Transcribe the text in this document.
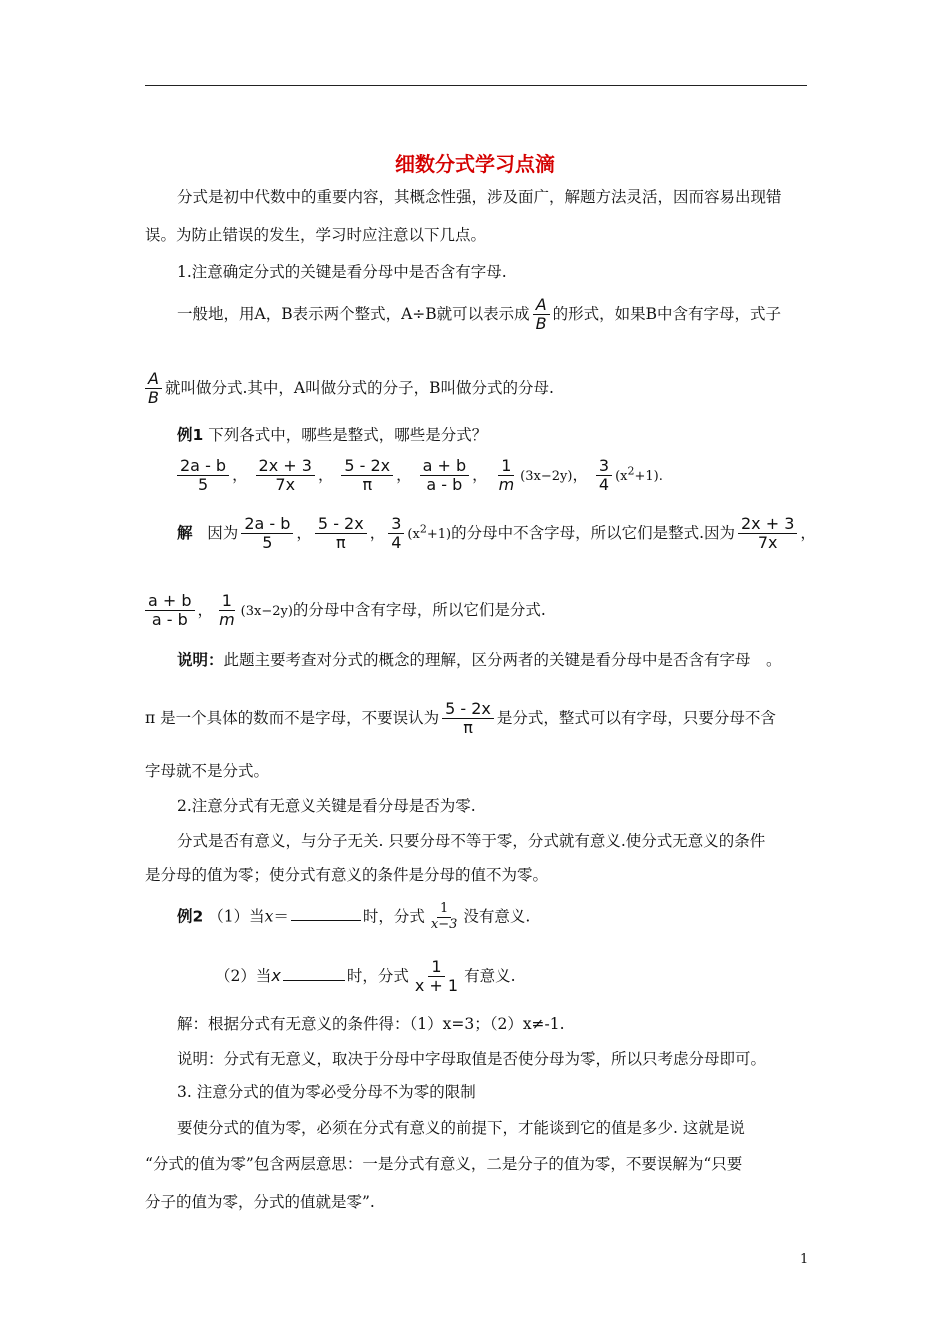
细数分式学习点滴
分式是初中代数中的重要内容，其概念性强，涉及面广，解题方法灵活，因而容易出现错
误。为防止错误的发生，学习时应注意以下几点。
1.注意确定分式的关键是看分母中是否含有字母.
一般地，用A，B表示两个整式，A÷B就可以表示成 $\frac{A}{B}$ 的形式，如果B中含有字母，式子
$\frac{A}{B}$ 就叫做分式.其中，A叫做分式的分子，B叫做分式的分母.
例1 下列各式中，哪些是整式，哪些是分式？
$\frac{2a - b}{5}$ ， $\frac{2x + 3}{7x}$ ， $\frac{5 - 2x}{\pi}$ ， $\frac{a + b}{a - b}$ ， $\frac{1}{m} (3x-2y)$， $\frac{3}{4} (x^2+1)$.
解 因为 $\frac{2a - b}{5}$ ， $\frac{5 - 2x}{\pi}$ ， $\frac{3}{4} (x^2+1)$的分母中不含字母，所以它们是整式.因为 $\frac{2x + 3}{7x}$ ，
$\frac{a + b}{a - b}$ ， $\frac{1}{m} (3x-2y)$的分母中含有字母，所以它们是分式.
说明：此题主要考查对分式的概念的理解，区分两者的关键是看分母中是否含有字母　。
π 是一个具体的数而不是字母，不要误认为 $\frac{5 - 2x}{\pi}$ 是分式，整式可以有字母，只要分母不含
字母就不是分式。
2.注意分式有无意义关键是看分母是否为零.
分式是否有意义，与分子无关. 只要分母不等于零，分式就有意义.使分式无意义的条件
是分母的值为零；使分式有意义的条件是分母的值不为零。
例2 （1）当x＝	时，分式 $\frac{1}{x-3}$ 没有意义.
（2）当x	时，分式 $\frac{1}{x + 1}$ 有意义.
解：根据分式有无意义的条件得：（1）x=3；（2）x≠-1.
说明：分式有无意义，取决于分母中字母取值是否使分母为零，所以只考虑分母即可。
3. 注意分式的值为零必受分母不为零的限制
要使分式的值为零，必须在分式有意义的前提下，才能谈到它的值是多少. 这就是说
“分式的值为零”包含两层意思：一是分式有意义，二是分子的值为零，不要误解为“只要
分子的值为零，分式的值就是零”.
1
